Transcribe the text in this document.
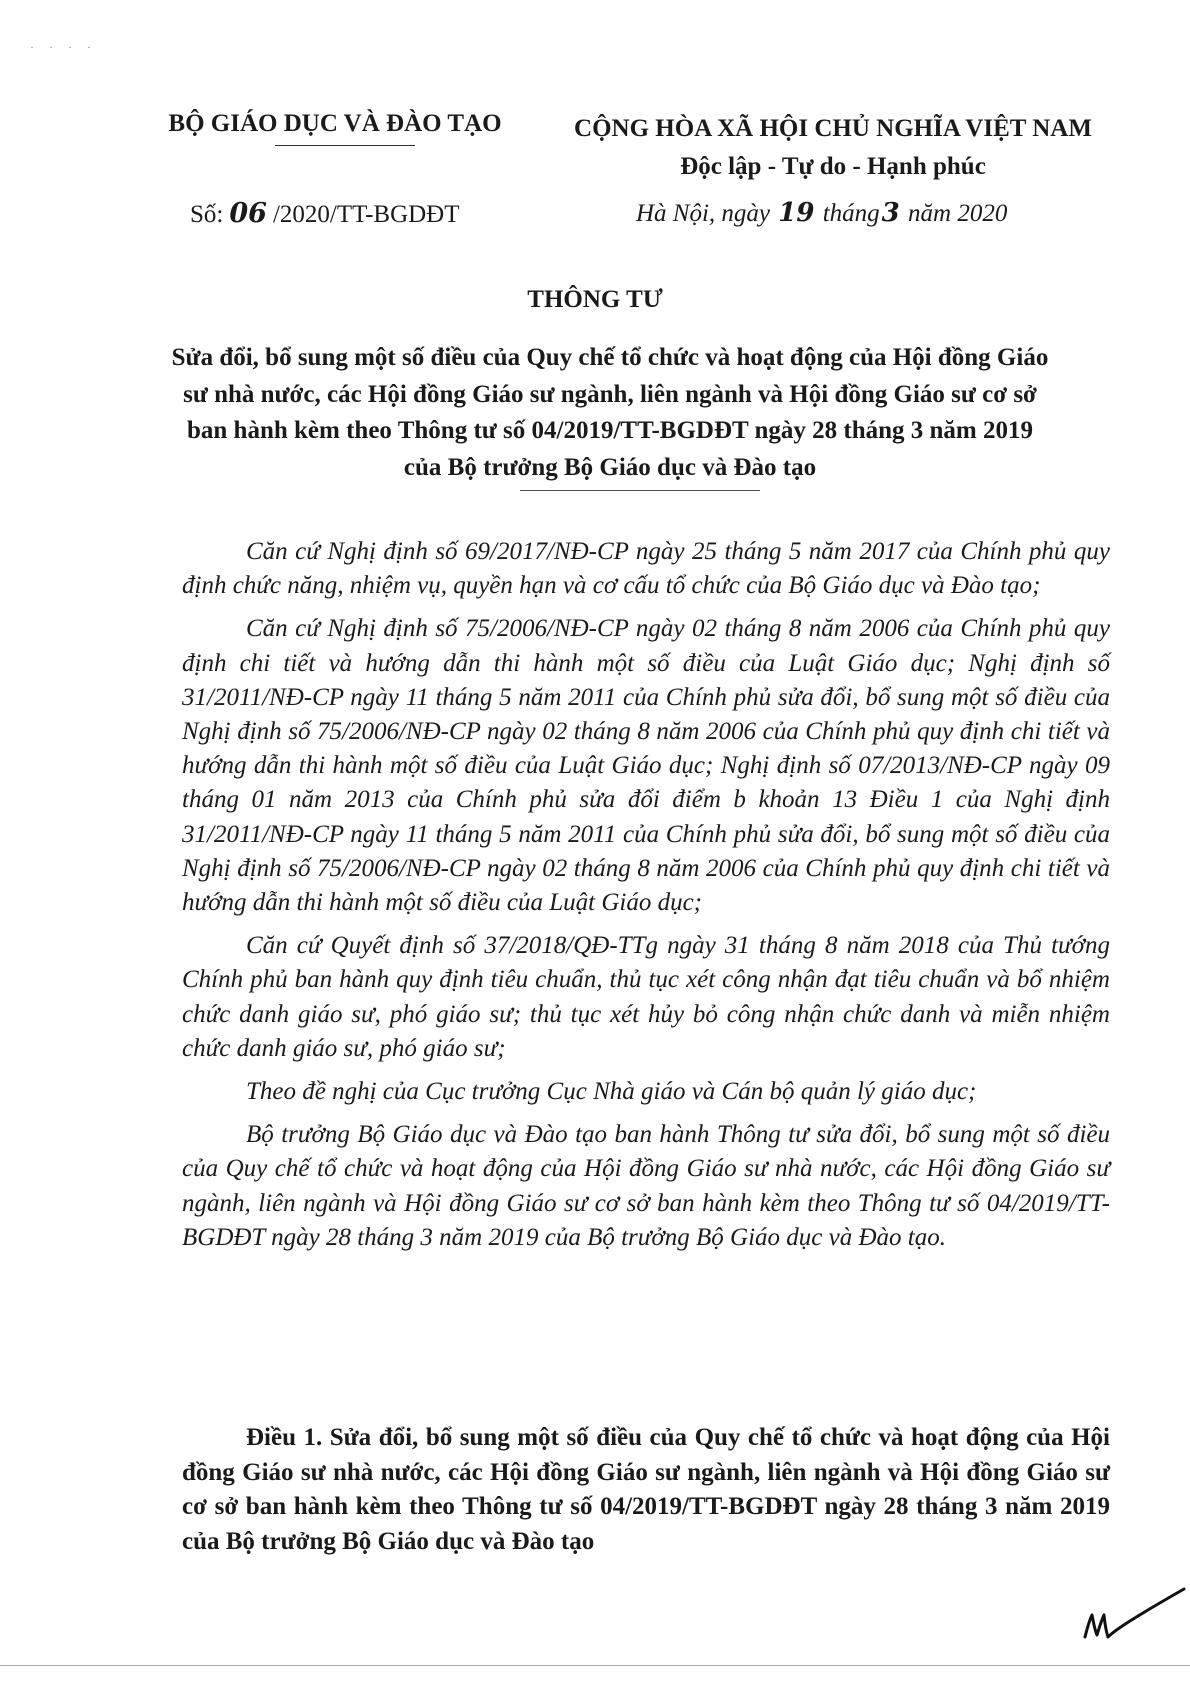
· · · ·
BỘ GIÁO DỤC VÀ ĐÀO TẠO	CỘNG HÒA XÃ HỘI CHỦ NGHĨA VIỆT NAM
Độc lập - Tự do - Hạnh phúc
Số: 06 /2020/TT-BGDĐT	Hà Nội, ngày 19 tháng3 năm 2020
THÔNG TƯ
Sửa đổi, bổ sung một số điều của Quy chế tổ chức và hoạt động của Hội đồng Giáo sư nhà nước, các Hội đồng Giáo sư ngành, liên ngành và Hội đồng Giáo sư cơ sở ban hành kèm theo Thông tư số 04/2019/TT-BGDĐT ngày 28 tháng 3 năm 2019 của Bộ trưởng Bộ Giáo dục và Đào tạo

Căn cứ Nghị định số 69/2017/NĐ-CP ngày 25 tháng 5 năm 2017 của Chính phủ quy định chức năng, nhiệm vụ, quyền hạn và cơ cấu tổ chức của Bộ Giáo dục và Đào tạo;

Căn cứ Nghị định số 75/2006/NĐ-CP ngày 02 tháng 8 năm 2006 của Chính phủ quy định chi tiết và hướng dẫn thi hành một số điều của Luật Giáo dục; Nghị định số 31/2011/NĐ-CP ngày 11 tháng 5 năm 2011 của Chính phủ sửa đổi, bổ sung một số điều của Nghị định số 75/2006/NĐ-CP ngày 02 tháng 8 năm 2006 của Chính phủ quy định chi tiết và hướng dẫn thi hành một số điều của Luật Giáo dục; Nghị định số 07/2013/NĐ-CP ngày 09 tháng 01 năm 2013 của Chính phủ sửa đổi điểm b khoản 13 Điều 1 của Nghị định 31/2011/NĐ-CP ngày 11 tháng 5 năm 2011 của Chính phủ sửa đổi, bổ sung một số điều của Nghị định số 75/2006/NĐ-CP ngày 02 tháng 8 năm 2006 của Chính phủ quy định chi tiết và hướng dẫn thi hành một số điều của Luật Giáo dục;

Căn cứ Quyết định số 37/2018/QĐ-TTg ngày 31 tháng 8 năm 2018 của Thủ tướng Chính phủ ban hành quy định tiêu chuẩn, thủ tục xét công nhận đạt tiêu chuẩn và bổ nhiệm chức danh giáo sư, phó giáo sư; thủ tục xét hủy bỏ công nhận chức danh và miễn nhiệm chức danh giáo sư, phó giáo sư;

Theo đề nghị của Cục trưởng Cục Nhà giáo và Cán bộ quản lý giáo dục;

Bộ trưởng Bộ Giáo dục và Đào tạo ban hành Thông tư sửa đổi, bổ sung một số điều của Quy chế tổ chức và hoạt động của Hội đồng Giáo sư nhà nước, các Hội đồng Giáo sư ngành, liên ngành và Hội đồng Giáo sư cơ sở ban hành kèm theo Thông tư số 04/2019/TT-BGDĐT ngày 28 tháng 3 năm 2019 của Bộ trưởng Bộ Giáo dục và Đào tạo.

Điều 1. Sửa đổi, bổ sung một số điều của Quy chế tổ chức và hoạt động của Hội đồng Giáo sư nhà nước, các Hội đồng Giáo sư ngành, liên ngành và Hội đồng Giáo sư cơ sở ban hành kèm theo Thông tư số 04/2019/TT-BGDĐT ngày 28 tháng 3 năm 2019 của Bộ trưởng Bộ Giáo dục và Đào tạo
